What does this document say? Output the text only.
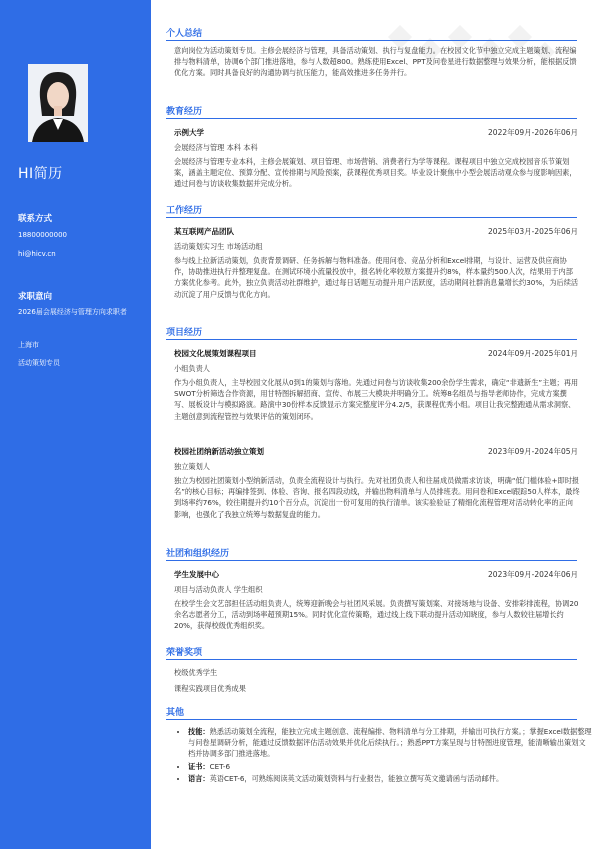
HI简历
联系方式
18800000000
hi@hicv.cn
求职意向
2026届会展经济与管理方向求职者
上海市
活动策划专员
个人总结
意向岗位为活动策划专员。主修会展经济与管理，具备活动策划、执行与复盘能力。在校园文化节中独立完成主题策划、流程编排与物料清单，协调6个部门推进落地，参与人数超800。熟练使用Excel、PPT及问卷星进行数据整理与效果分析，能根据反馈优化方案。同时具备良好的沟通协调与抗压能力，能高效推进多任务并行。
教育经历
示例大学	2022年09月-2026年06月
会展经济与管理 本科 本科
会展经济与管理专业本科，主修会展策划、项目管理、市场营销、消费者行为学等课程。课程项目中独立完成校园音乐节策划案，涵盖主题定位、预算分配、宣传排期与风险预案，获课程优秀项目奖。毕业设计聚焦中小型会展活动观众参与度影响因素，通过问卷与访谈收集数据并完成分析。
工作经历
某互联网产品团队	2025年03月-2025年06月
活动策划实习生 市场活动组
参与线上拉新活动策划，负责背景调研、任务拆解与物料准备。使用问卷、竞品分析和Excel排期，与设计、运营及供应商协作，协助推进执行并整理复盘。在测试环境小流量投放中，报名转化率较原方案提升约8%，样本量约500人次，结果用于内部方案优化参考。此外，独立负责活动社群维护，通过每日话题互动提升用户活跃度，活动期间社群消息量增长约30%，为后续活动沉淀了用户反馈与优化方向。
项目经历
校园文化展策划课程项目	2024年09月-2025年01月
小组负责人
作为小组负责人，主导校园文化展从0到1的策划与落地。先通过问卷与访谈收集200余份学生需求，确定“非遗新生”主题；再用SWOT分析筛选合作资源，用甘特图拆解招商、宣传、布展三大模块并明确分工。统筹8名组员与指导老师协作，完成方案撰写、展板设计与模拟路演。路演中30份样本反馈显示方案完整度评分4.2/5，获课程优秀小组。项目让我完整跑通从需求洞察、主题创意到流程管控与效果评估的策划闭环。
校园社团纳新活动独立策划	2023年09月-2024年05月
独立策划人
独立为校园社团策划小型纳新活动，负责全流程设计与执行。先对社团负责人和往届成员做需求访谈，明确“低门槛体验+即时报名”的核心目标；再编排签到、体验、咨询、报名四段动线，并输出物料清单与人员排班表。用问卷和Excel跟踪50人样本，最终到场率约76%，较往期提升约10个百分点，沉淀出一份可复用的执行清单。该实验验证了精细化流程管理对活动转化率的正向影响，也强化了我独立统筹与数据复盘的能力。
社团和组织经历
学生发展中心	2023年09月-2024年06月
项目与活动负责人 学生组织
在校学生会文艺部担任活动组负责人，统筹迎新晚会与社团风采展。负责撰写策划案、对接场地与设备、安排彩排流程，协调20余名志愿者分工，活动到场率超预期15%。同时优化宣传策略，通过线上线下联动提升活动知晓度，参与人数较往届增长约20%，获得校级优秀组织奖。
荣誉奖项
校级优秀学生
课程实践项目优秀成果
其他
• 技能：熟悉活动策划全流程，能独立完成主题创意、流程编排、物料清单与分工排期，并输出可执行方案。；掌握Excel数据整理与问卷星调研分析，能通过反馈数据评估活动效果并优化后续执行。；熟悉PPT方案呈现与甘特图进度管理，能清晰输出策划文档并协调多部门推进落地。
• 证书：CET-6
• 语言：英语CET-6，可熟练阅读英文活动策划资料与行业报告，能独立撰写英文邀请函与活动邮件。
